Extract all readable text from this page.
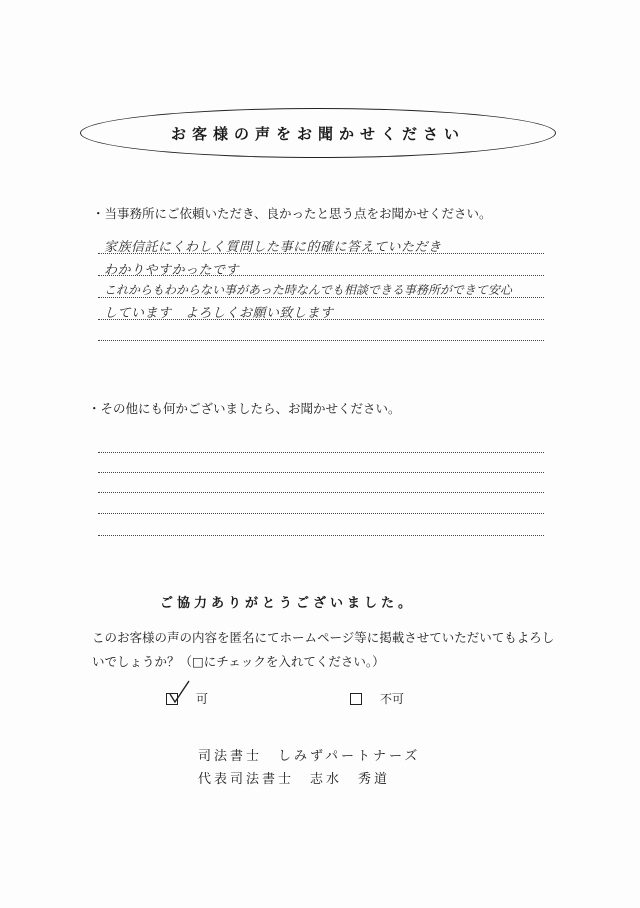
お客様の声をお聞かせください
・当事務所にご依頼いただき、良かったと思う点をお聞かせください。
家族信託にくわしく質問した事に的確に答えていただき
わかりやすかったです
これからもわからない事があった時なんでも相談できる事務所ができて安心
しています　よろしくお願い致します
・その他にも何かございましたら、お聞かせください。
ご協力ありがとうございました。
このお客様の声の内容を匿名にてホームページ等に掲載させていただいてもよろしいでしょうか？（□にチェックを入れてください。）
可	不可
司法書士　しみずパートナーズ
代表司法書士　志水　秀道
